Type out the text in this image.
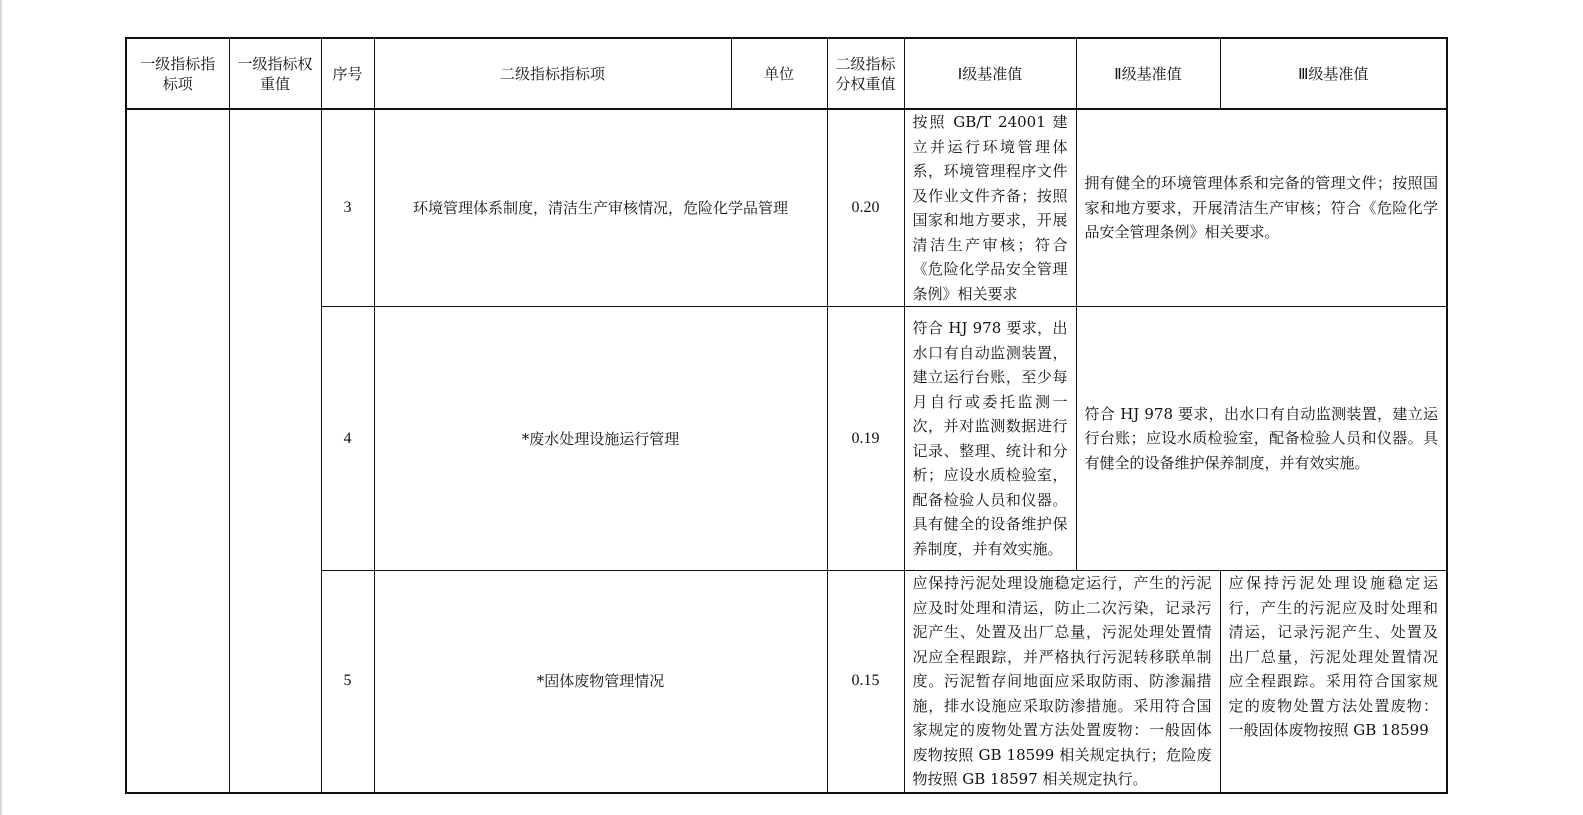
一级指标指标项	一级指标权重值	序号	二级指标指标项	单位	二级指标分权重值	Ⅰ级基准值	Ⅱ级基准值	Ⅲ级基准值
		3	环境管理体系制度，清洁生产审核情况，危险化学品管理		0.20	按照 GB/T 24001 建立并运行环境管理体系，环境管理程序文件及作业文件齐备；按照国家和地方要求，开展清洁生产审核；符合《危险化学品安全管理条例》相关要求	拥有健全的环境管理体系和完备的管理文件；按照国家和地方要求，开展清洁生产审核；符合《危险化学品安全管理条例》相关要求。	
		4	*废水处理设施运行管理		0.19	符合 HJ 978 要求，出水口有自动监测装置，建立运行台账，至少每月自行或委托监测一次，并对监测数据进行记录、整理、统计和分析；应设水质检验室，配备检验人员和仪器。具有健全的设备维护保养制度，并有效实施。	符合 HJ 978 要求，出水口有自动监测装置，建立运行台账；应设水质检验室，配备检验人员和仪器。具有健全的设备维护保养制度，并有效实施。	
		5	*固体废物管理情况		0.15	应保持污泥处理设施稳定运行，产生的污泥应及时处理和清运，防止二次污染，记录污泥产生、处置及出厂总量，污泥处理处置情况应全程跟踪，并严格执行污泥转移联单制度。污泥暂存间地面应采取防雨、防渗漏措施，排水设施应采取防渗措施。采用符合国家规定的废物处置方法处置废物：一般固体废物按照 GB 18599 相关规定执行；危险废物按照 GB 18597 相关规定执行。		应保持污泥处理设施稳定运行，产生的污泥应及时处理和清运，记录污泥产生、处置及出厂总量，污泥处理处置情况应全程跟踪。采用符合国家规定的废物处置方法处置废物：一般固体废物按照 GB 18599
